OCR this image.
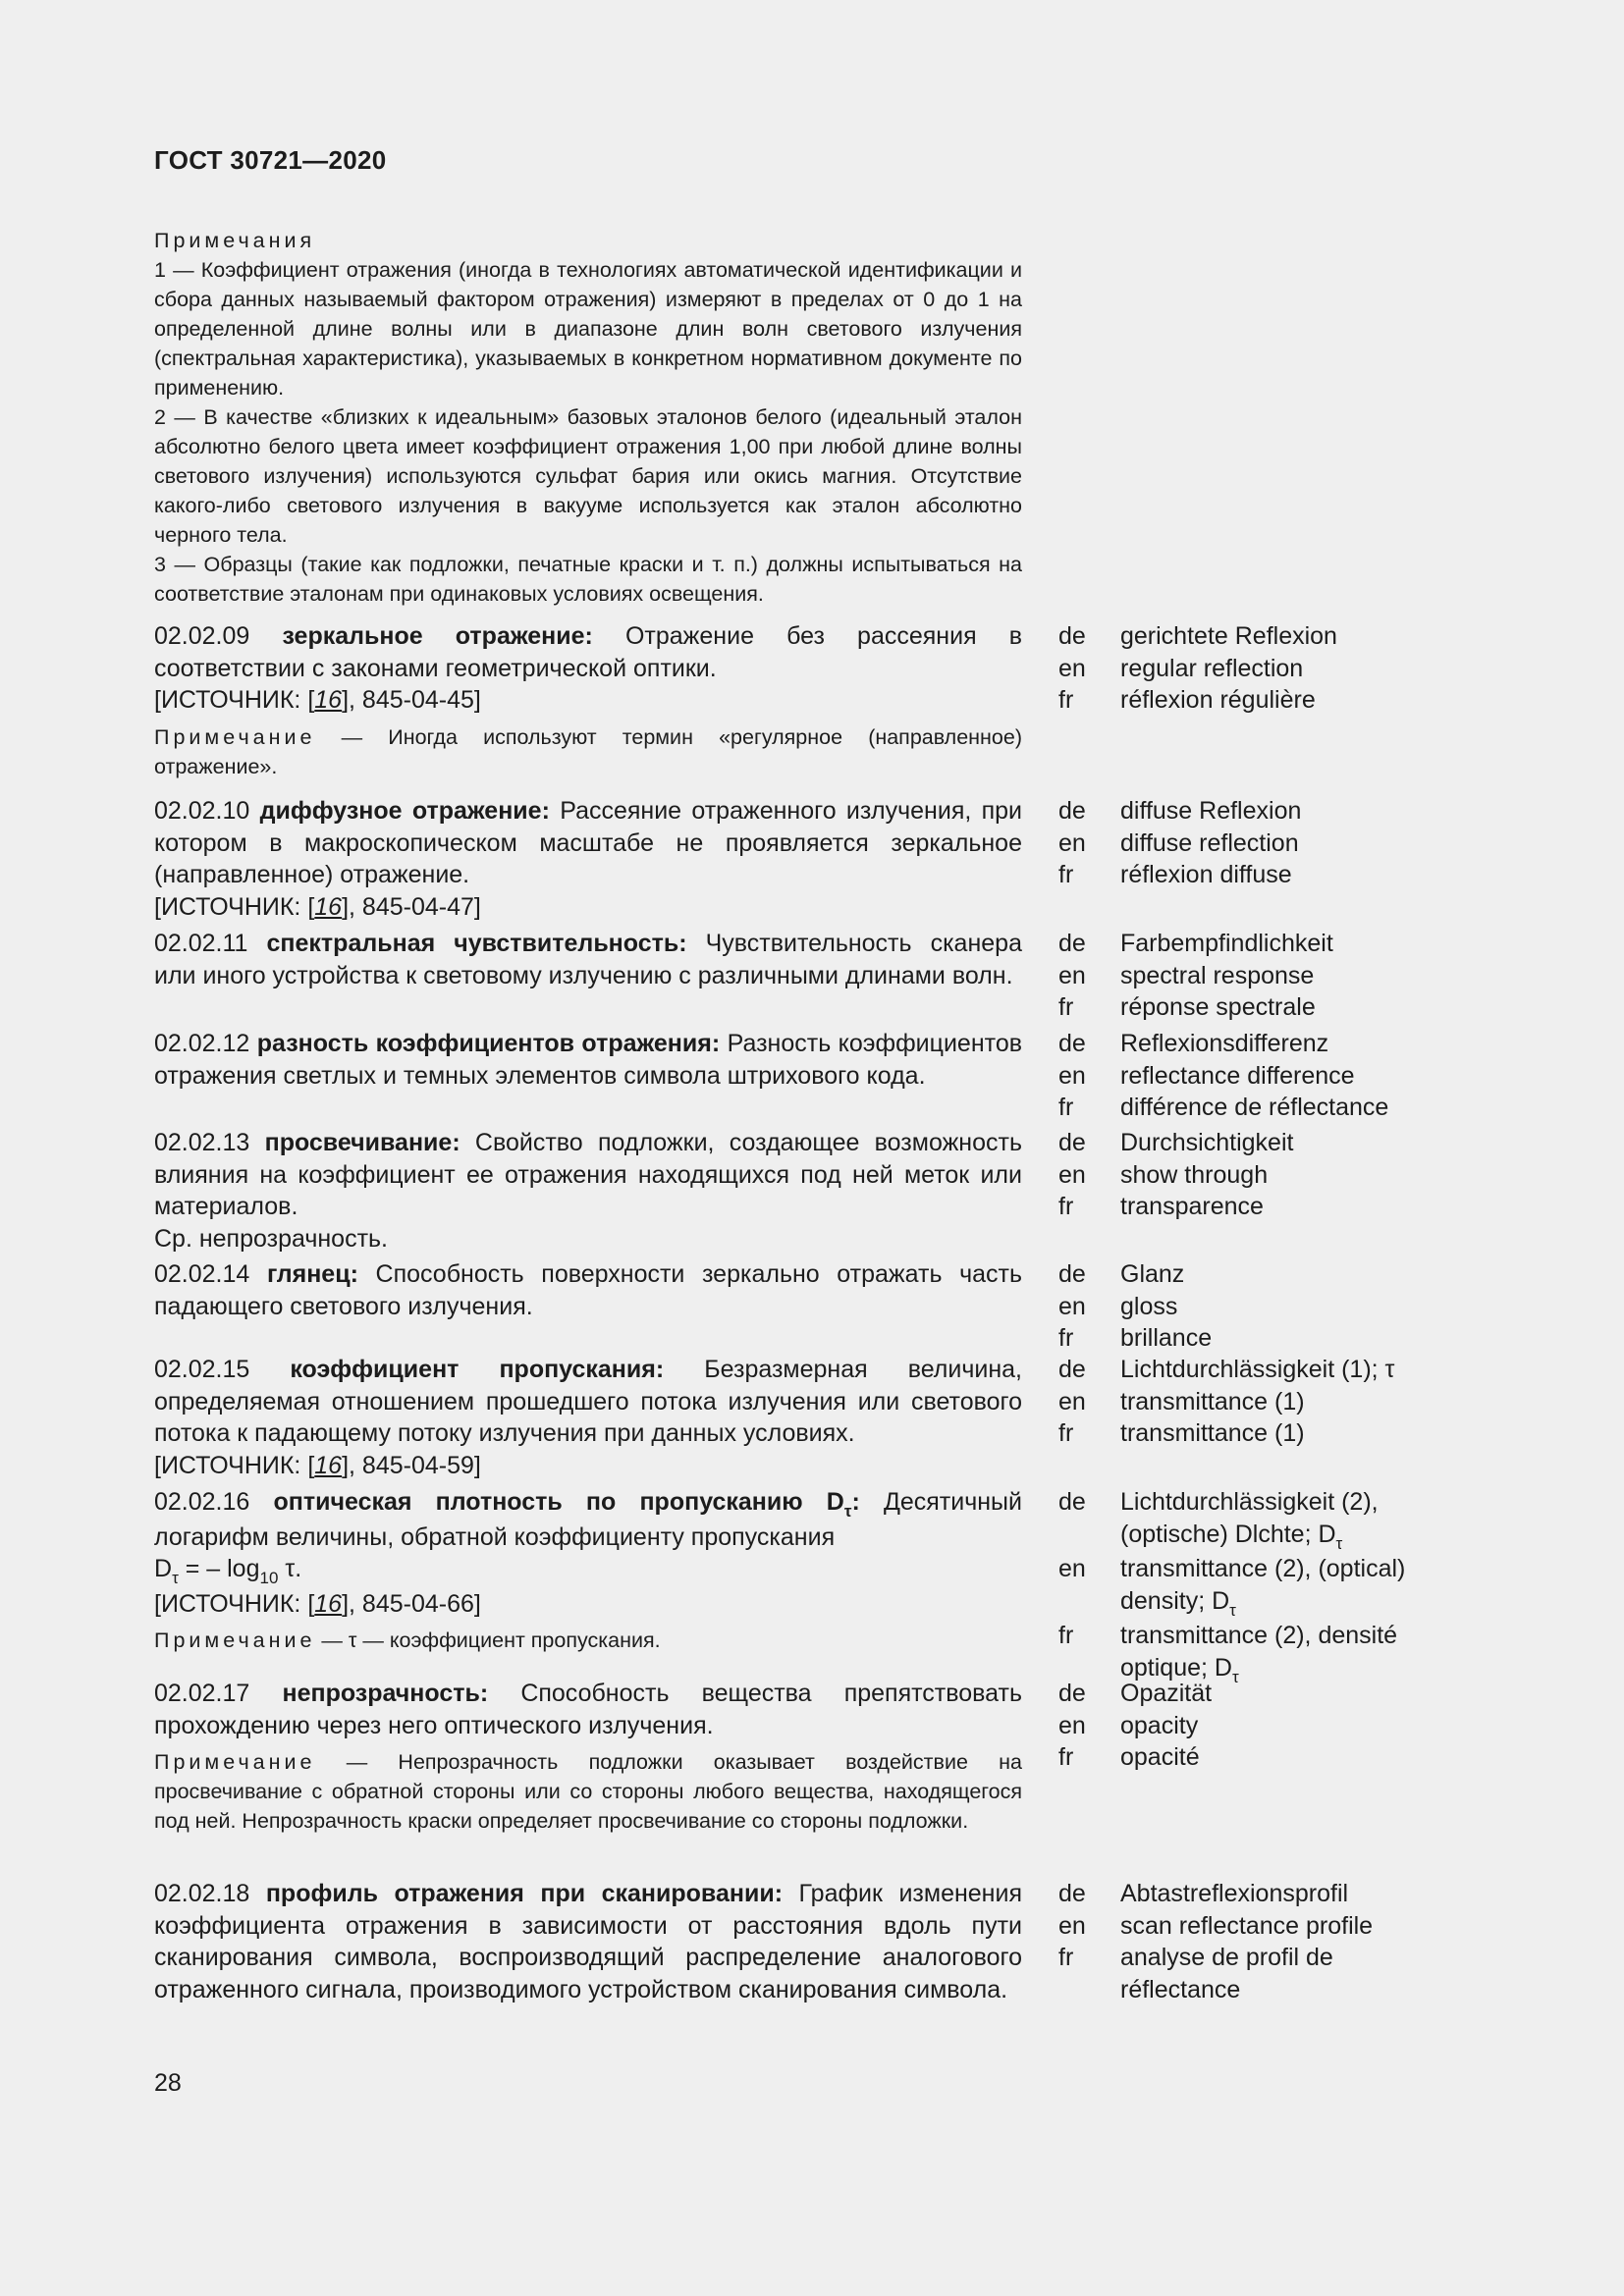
ГОСТ 30721—2020
Примечания
1 — Коэффициент отражения (иногда в технологиях автоматической идентификации и сбора данных называемый фактором отражения) измеряют в пределах от 0 до 1 на определенной длине волны или в диапазоне длин волн светового излучения (спектральная характеристика), указываемых в конкретном нормативном документе по применению.
2 — В качестве «близких к идеальным» базовых эталонов белого (идеальный эталон абсолютно белого цвета имеет коэффициент отражения 1,00 при любой длине волны светового излучения) используются сульфат бария или окись магния. Отсутствие какого-либо светового излучения в вакууме используется как эталон абсолютно черного тела.
3 — Образцы (такие как подложки, печатные краски и т. п.) должны испытываться на соответствие эталонам при одинаковых условиях освещения.
02.02.09 зеркальное отражение: Отражение без рассеяния в соответствии с законами геометрической оптики.
[ИСТОЧНИК: [16], 845-04-45]
Примечание — Иногда используют термин «регулярное (направленное) отражение».
de	gerichtete Reflexion
en	regular reflection
fr	réflexion régulière
02.02.10 диффузное отражение: Рассеяние отраженного излучения, при котором в макроскопическом масштабе не проявляется зеркальное (направленное) отражение.
[ИСТОЧНИК: [16], 845-04-47]
de	diffuse Reflexion
en	diffuse reflection
fr	réflexion diffuse
02.02.11 спектральная чувствительность: Чувствительность сканера или иного устройства к световому излучению с различными длинами волн.
de	Farbempfindlichkeit
en	spectral response
fr	réponse spectrale
02.02.12 разность коэффициентов отражения: Разность коэффициентов отражения светлых и темных элементов символа штрихового кода.
de	Reflexionsdifferenz
en	reflectance difference
fr	différence de réflectance
02.02.13 просвечивание: Свойство подложки, создающее возможность влияния на коэффициент ее отражения находящихся под ней меток или материалов.
Ср. непрозрачность.
de	Durchsichtigkeit
en	show through
fr	transparence
02.02.14 глянец: Способность поверхности зеркально отражать часть падающего светового излучения.
de	Glanz
en	gloss
fr	brillance
02.02.15 коэффициент пропускания: Безразмерная величина, определяемая отношением прошедшего потока излучения или светового потока к падающему потоку излучения при данных условиях.
[ИСТОЧНИК: [16], 845-04-59]
de	Lichtdurchlässigkeit (1); τ
en	transmittance (1)
fr	transmittance (1)
02.02.16 оптическая плотность по пропусканию $D_\tau$: Десятичный логарифм величины, обратной коэффициенту пропускания
$D_\tau$ = – $\log_{10} \tau$.
[ИСТОЧНИК: [16], 845-04-66]
Примечание — τ — коэффициент пропускания.
de	Lichtdurchlässigkeit (2),
(optische) Dlchte; $D_\tau$
en	transmittance (2), (optical)
density; $D_\tau$
fr	transmittance (2), densité
optique; $D_\tau$
02.02.17 непрозрачность: Способность вещества препятствовать прохождению через него оптического излучения.
Примечание — Непрозрачность подложки оказывает воздействие на просвечивание с обратной стороны или со стороны любого вещества, находящегося под ней. Непрозрачность краски определяет просвечивание со стороны подложки.
de	Opazität
en	opacity
fr	opacité
02.02.18 профиль отражения при сканировании: График изменения коэффициента отражения в зависимости от расстояния вдоль пути сканирования символа, воспроизводящий распределение аналогового отраженного сигнала, производимого устройством сканирования символа.
de	Abtastreflexionsprofil
en	scan reflectance profile
fr	analyse de profil de
réflectance
28
